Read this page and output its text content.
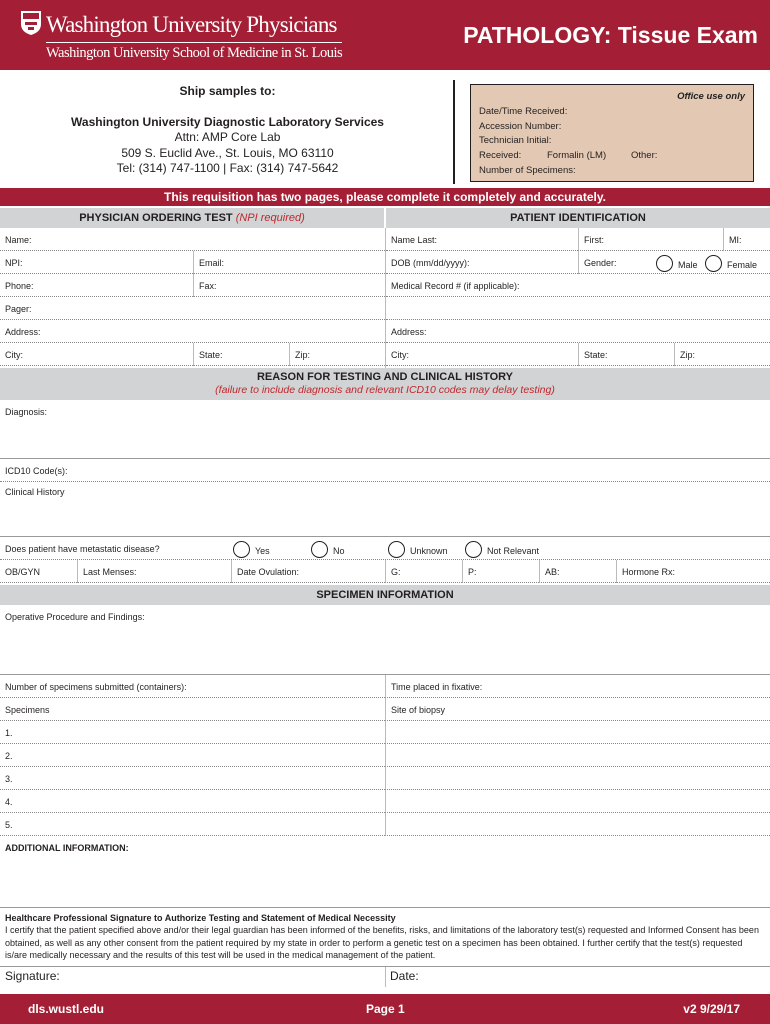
Washington University Physicians
Washington University School of Medicine in St. Louis
PATHOLOGY: Tissue Exam
Ship samples to:
Washington University Diagnostic Laboratory Services
Attn: AMP Core Lab
509 S. Euclid Ave., St. Louis, MO 63110
Tel: (314) 747-1100 | Fax: (314) 747-5642
Office use only
Date/Time Received:
Accession Number:
Technician Initial:
Received:	Formalin (LM)	Other:
Number of Specimens:
This requisition has two pages, please complete it completely and accurately.
PHYSICIAN ORDERING TEST (NPI required)	PATIENT IDENTIFICATION
Name:	Name Last:	First:	MI:
NPI:	Email:	DOB (mm/dd/yyyy):	Gender:	Male	Female
Phone:	Fax:	Medical Record # (if applicable):
Pager:
Address:	Address:
City:	State:	Zip:	City:	State:	Zip:
REASON FOR TESTING AND CLINICAL HISTORY
(failure to include diagnosis and relevant ICD10 codes may delay testing)
Diagnosis:
ICD10 Code(s):
Clinical History
Does patient have metastatic disease?	Yes	No	Unknown	Not Relevant
OB/GYN	Last Menses:	Date Ovulation:	G:	P:	AB:	Hormone Rx:
SPECIMEN INFORMATION
Operative Procedure and Findings:
Number of specimens submitted (containers):	Time placed in fixative:
Specimens	Site of biopsy
1.
2.
3.
4.
5.
ADDITIONAL INFORMATION:
Healthcare Professional Signature to Authorize Testing and Statement of Medical Necessity
I certify that the patient specified above and/or their legal guardian has been informed of the benefits, risks, and limitations of the laboratory test(s) requested and Informed Consent has been obtained, as well as any other consent from the patient required by my state in order to perform a genetic test on a specimen has been obtained. I further certify that the test(s) requested is/are medically necessary and the results of this test will be used in the medical management of the patient.
Signature:	Date:
dls.wustl.edu	Page 1	v2 9/29/17
